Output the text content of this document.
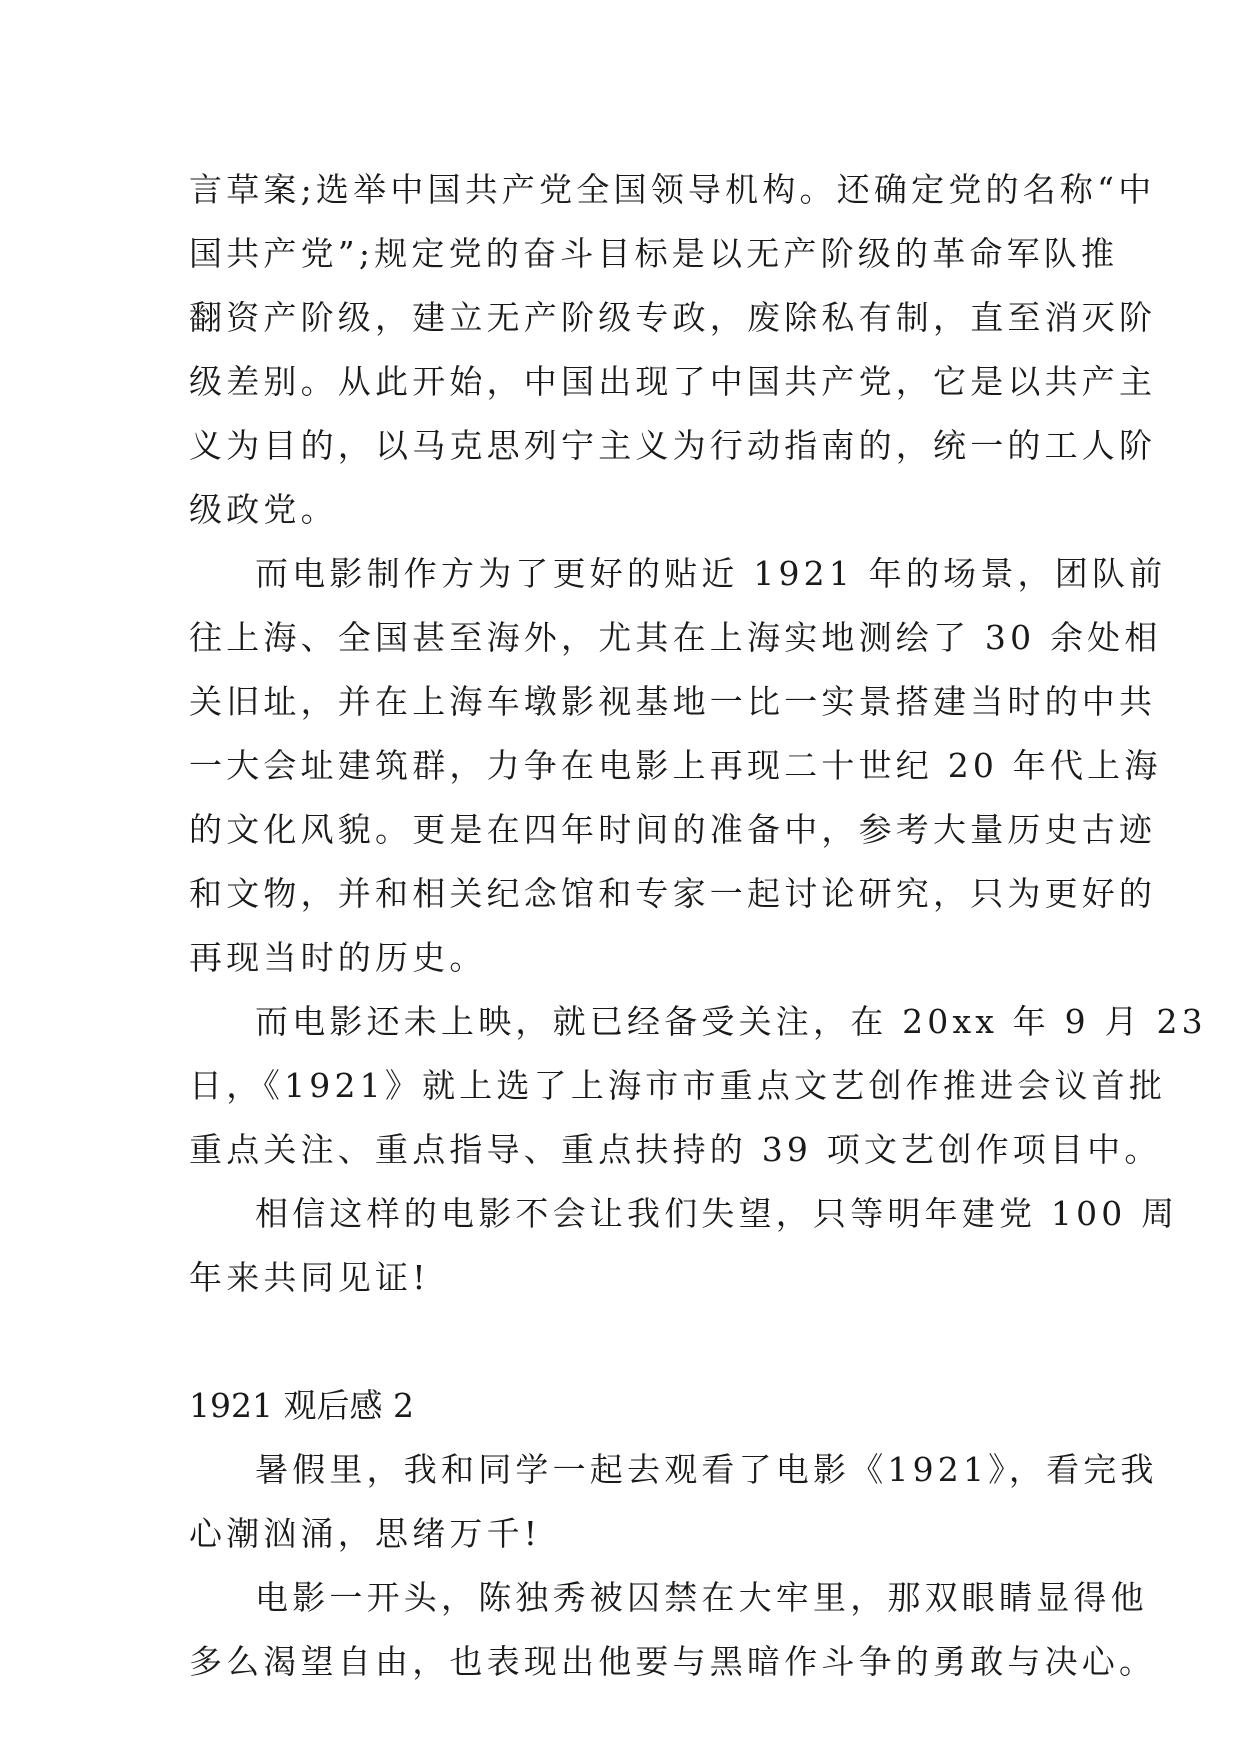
言草案;选举中国共产党全国领导机构。还确定党的名称“中
国共产党”;规定党的奋斗目标是以无产阶级的革命军队推
翻资产阶级，建立无产阶级专政，废除私有制，直至消灭阶
级差别。从此开始，中国出现了中国共产党，它是以共产主
义为目的，以马克思列宁主义为行动指南的，统一的工人阶
级政党。
而电影制作方为了更好的贴近 1921 年的场景，团队前
往上海、全国甚至海外，尤其在上海实地测绘了 30 余处相
关旧址，并在上海车墩影视基地一比一实景搭建当时的中共
一大会址建筑群，力争在电影上再现二十世纪 20 年代上海
的文化风貌。更是在四年时间的准备中，参考大量历史古迹
和文物，并和相关纪念馆和专家一起讨论研究，只为更好的
再现当时的历史。
而电影还未上映，就已经备受关注，在 20xx 年 9 月 23
日，《1921》就上选了上海市市重点文艺创作推进会议首批
重点关注、重点指导、重点扶持的 39 项文艺创作项目中。
相信这样的电影不会让我们失望，只等明年建党 100 周
年来共同见证!
1921 观后感 2
暑假里，我和同学一起去观看了电影《1921》，看完我
心潮汹涌，思绪万千!
电影一开头，陈独秀被囚禁在大牢里，那双眼睛显得他
多么渴望自由，也表现出他要与黑暗作斗争的勇敢与决心。
